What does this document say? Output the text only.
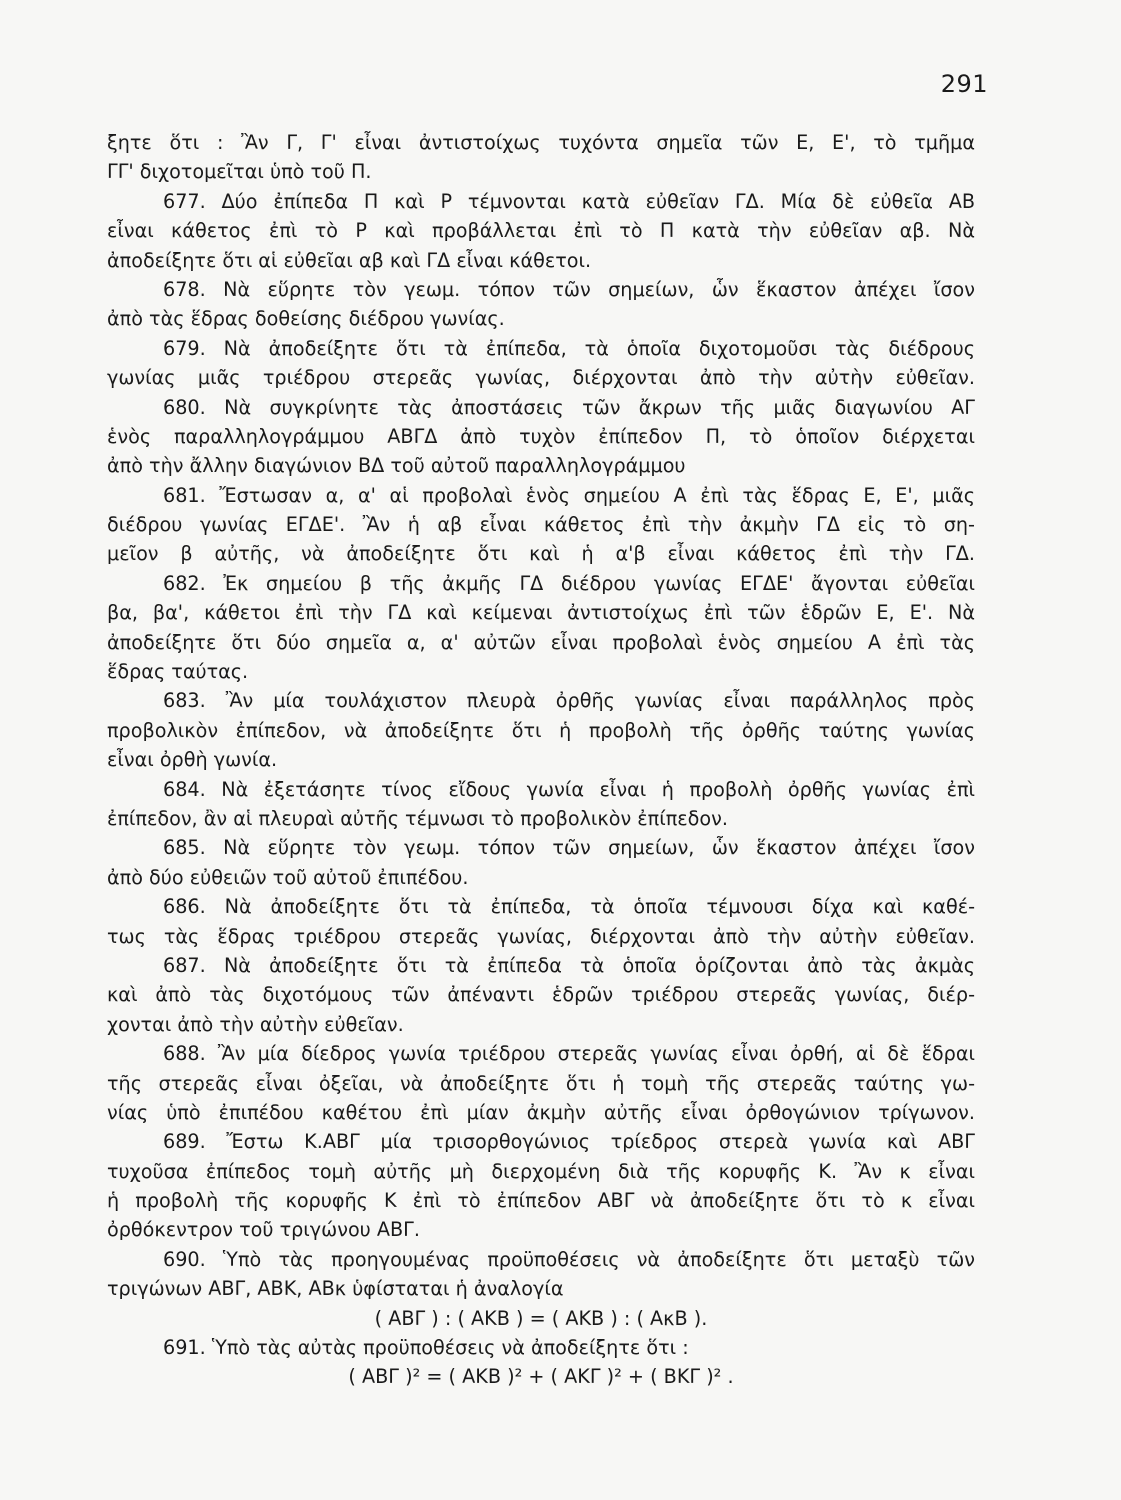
291
ξητε ὅτι : Ἂν Γ, Γ' εἶναι ἀντιστοίχως τυχόντα σημεῖα τῶν Ε, Ε', τὸ τμῆμα
ΓΓ' διχοτομεῖται ὑπὸ τοῦ Π.
677. Δύο ἐπίπεδα Π καὶ Ρ τέμνονται κατὰ εὐθεῖαν ΓΔ. Μία δὲ εὐθεῖα ΑΒ
εἶναι κάθετος ἐπὶ τὸ Ρ καὶ προβάλλεται ἐπὶ τὸ Π κατὰ τὴν εὐθεῖαν αβ. Νὰ
ἀποδείξητε ὅτι αἱ εὐθεῖαι αβ καὶ ΓΔ εἶναι κάθετοι.
678. Νὰ εὕρητε τὸν γεωμ. τόπον τῶν σημείων, ὧν ἕκαστον ἀπέχει ἴσον
ἀπὸ τὰς ἕδρας δοθείσης διέδρου γωνίας.
679. Νὰ ἀποδείξητε ὅτι τὰ ἐπίπεδα, τὰ ὁποῖα διχοτομοῦσι τὰς διέδρους
γωνίας μιᾶς τριέδρου στερεᾶς γωνίας, διέρχονται ἀπὸ τὴν αὐτὴν εὐθεῖαν.
680. Νὰ συγκρίνητε τὰς ἀποστάσεις τῶν ἄκρων τῆς μιᾶς διαγωνίου ΑΓ
ἑνὸς παραλληλογράμμου ΑΒΓΔ ἀπὸ τυχὸν ἐπίπεδον Π, τὸ ὁποῖον διέρχεται
ἀπὸ τὴν ἄλλην διαγώνιον ΒΔ τοῦ αὐτοῦ παραλληλογράμμου
681. Ἔστωσαν α, α' αἱ προβολαὶ ἑνὸς σημείου Α ἐπὶ τὰς ἕδρας Ε, Ε', μιᾶς
διέδρου γωνίας ΕΓΔΕ'. Ἂν ἡ αβ εἶναι κάθετος ἐπὶ τὴν ἀκμὴν ΓΔ εἰς τὸ ση-
μεῖον β αὐτῆς, νὰ ἀποδείξητε ὅτι καὶ ἡ α'β εἶναι κάθετος ἐπὶ τὴν ΓΔ.
682. Ἐκ σημείου β τῆς ἀκμῆς ΓΔ διέδρου γωνίας ΕΓΔΕ' ἄγονται εὐθεῖαι
βα, βα', κάθετοι ἐπὶ τὴν ΓΔ καὶ κείμεναι ἀντιστοίχως ἐπὶ τῶν ἑδρῶν Ε, Ε'. Νὰ
ἀποδείξητε ὅτι δύο σημεῖα α, α' αὐτῶν εἶναι προβολαὶ ἑνὸς σημείου Α ἐπὶ τὰς
ἕδρας ταύτας.
683. Ἂν μία τουλάχιστον πλευρὰ ὀρθῆς γωνίας εἶναι παράλληλος πρὸς
προβολικὸν ἐπίπεδον, νὰ ἀποδείξητε ὅτι ἡ προβολὴ τῆς ὀρθῆς ταύτης γωνίας
εἶναι ὀρθὴ γωνία.
684. Νὰ ἐξετάσητε τίνος εἴδους γωνία εἶναι ἡ προβολὴ ὀρθῆς γωνίας ἐπὶ
ἐπίπεδον, ἂν αἱ πλευραὶ αὐτῆς τέμνωσι τὸ προβολικὸν ἐπίπεδον.
685. Νὰ εὕρητε τὸν γεωμ. τόπον τῶν σημείων, ὧν ἕκαστον ἀπέχει ἴσον
ἀπὸ δύο εὐθειῶν τοῦ αὐτοῦ ἐπιπέδου.
686. Νὰ ἀποδείξητε ὅτι τὰ ἐπίπεδα, τὰ ὁποῖα τέμνουσι δίχα καὶ καθέ-
τως τὰς ἕδρας τριέδρου στερεᾶς γωνίας, διέρχονται ἀπὸ τὴν αὐτὴν εὐθεῖαν.
687. Νὰ ἀποδείξητε ὅτι τὰ ἐπίπεδα τὰ ὁποῖα ὁρίζονται ἀπὸ τὰς ἀκμὰς
καὶ ἀπὸ τὰς διχοτόμους τῶν ἀπέναντι ἑδρῶν τριέδρου στερεᾶς γωνίας, διέρ-
χονται ἀπὸ τὴν αὐτὴν εὐθεῖαν.
688. Ἂν μία δίεδρος γωνία τριέδρου στερεᾶς γωνίας εἶναι ὀρθή, αἱ δὲ ἕδραι
τῆς στερεᾶς εἶναι ὀξεῖαι, νὰ ἀποδείξητε ὅτι ἡ τομὴ τῆς στερεᾶς ταύτης γω-
νίας ὑπὸ ἐπιπέδου καθέτου ἐπὶ μίαν ἀκμὴν αὐτῆς εἶναι ὀρθογώνιον τρίγωνον.
689. Ἔστω Κ.ΑΒΓ μία τρισορθογώνιος τρίεδρος στερεὰ γωνία καὶ ΑΒΓ
τυχοῦσα ἐπίπεδος τομὴ αὐτῆς μὴ διερχομένη διὰ τῆς κορυφῆς Κ. Ἂν κ εἶναι
ἡ προβολὴ τῆς κορυφῆς Κ ἐπὶ τὸ ἐπίπεδον ΑΒΓ νὰ ἀποδείξητε ὅτι τὸ κ εἶναι
ὀρθόκεντρον τοῦ τριγώνου ΑΒΓ.
690. Ὑπὸ τὰς προηγουμένας προϋποθέσεις νὰ ἀποδείξητε ὅτι μεταξὺ τῶν
τριγώνων ΑΒΓ, ΑΒΚ, ΑΒκ ὑφίσταται ἡ ἀναλογία
( ΑΒΓ ) : ( ΑΚΒ ) = ( ΑΚΒ ) : ( ΑκΒ ).
691. Ὑπὸ τὰς αὐτὰς προϋποθέσεις νὰ ἀποδείξητε ὅτι :
( ΑΒΓ )² = ( ΑΚΒ )² + ( ΑΚΓ )² + ( ΒΚΓ )² .
